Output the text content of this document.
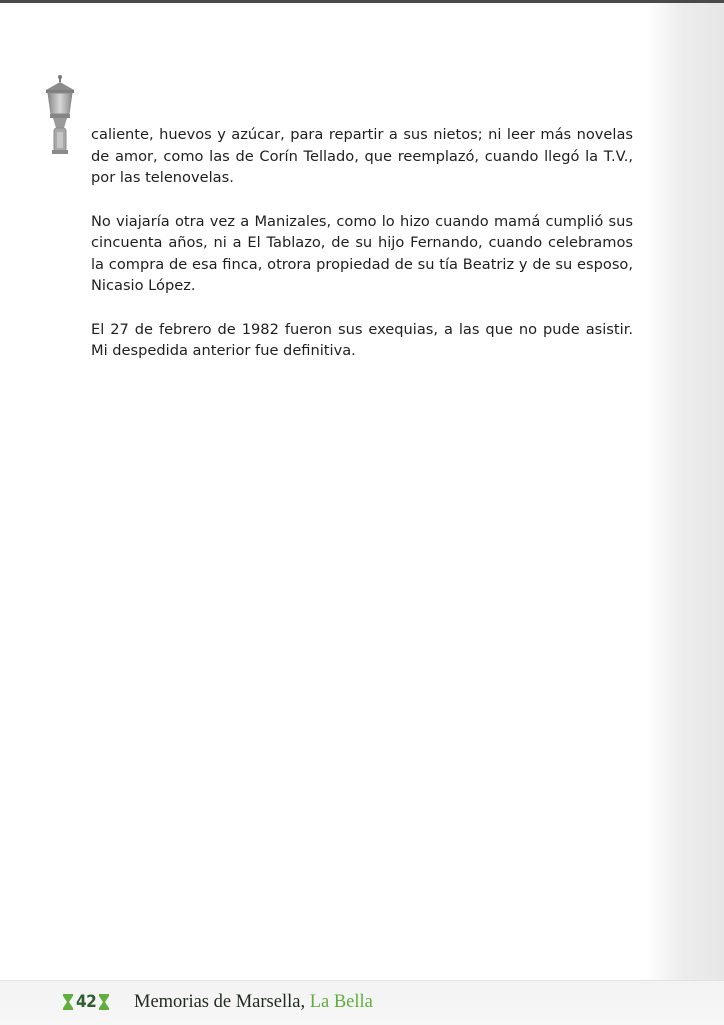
caliente, huevos y azúcar, para repartir a sus nietos; ni leer más novelas de amor, como las de Corín Tellado, que reemplazó, cuando llegó la T.V., por las telenovelas.

No viajaría otra vez a Manizales, como lo hizo cuando mamá cumplió sus cincuenta años, ni a El Tablazo, de su hijo Fernando, cuando celebramos la compra de esa finca, otrora propiedad de su tía Beatriz y de su esposo, Nicasio López.

El 27 de febrero de 1982 fueron sus exequias, a las que no pude asistir. Mi despedida anterior fue definitiva.

42 Memorias de Marsella, La Bella
